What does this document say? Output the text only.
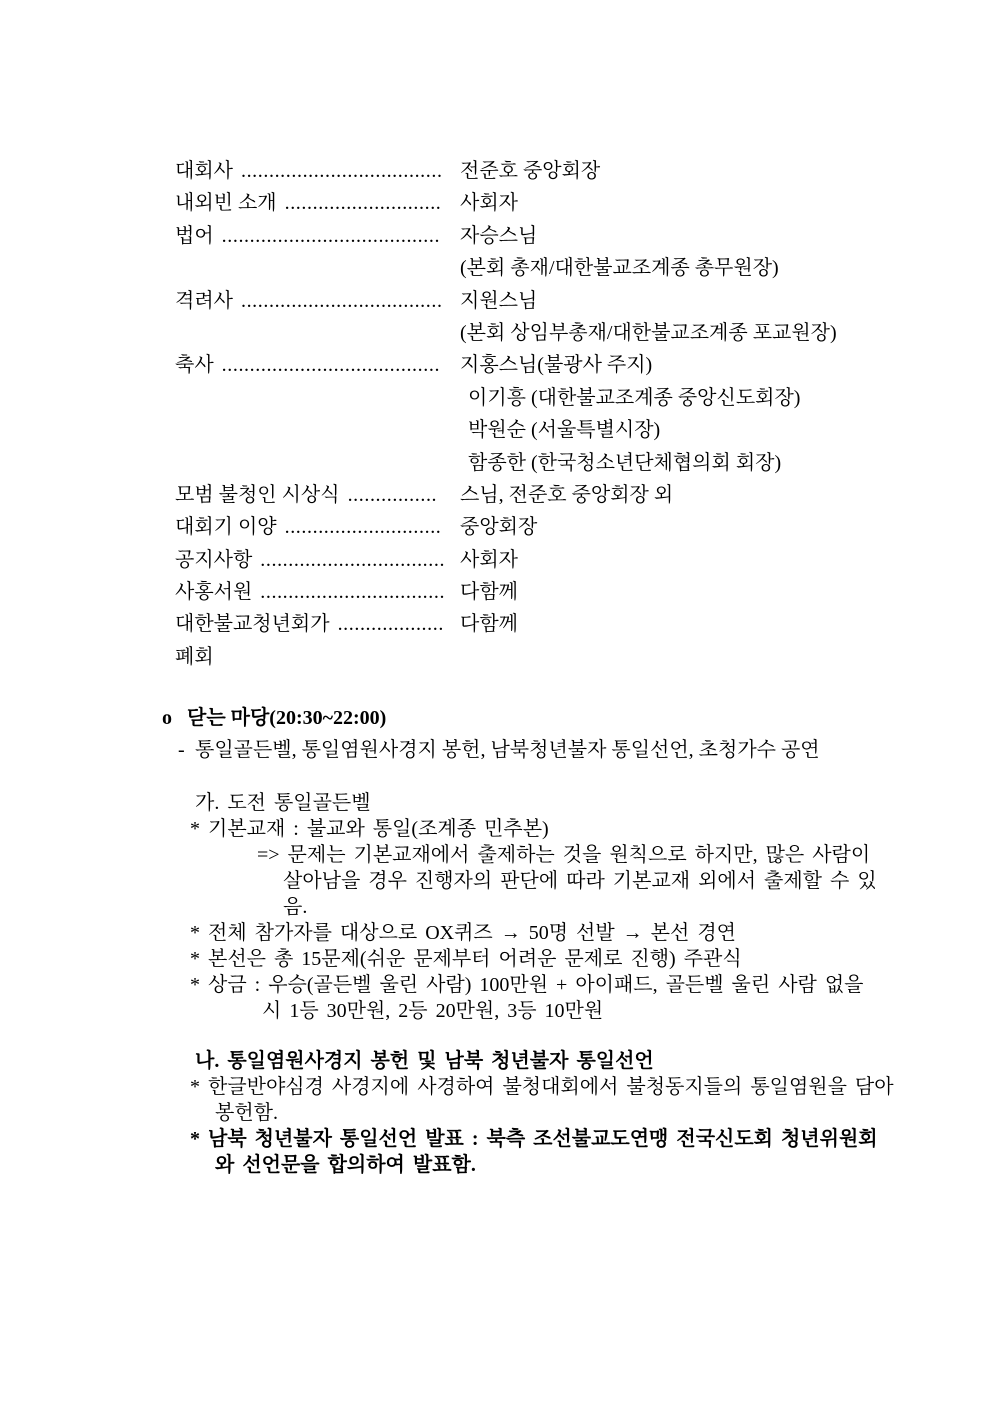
대회사 .................................... 전준호 중앙회장
내외빈 소개 ............................ 사회자
법어 ....................................... 자승스님
(본회 총재/대한불교조계종 총무원장)
격려사 .................................... 지원스님
(본회 상임부총재/대한불교조계종 포교원장)
축사 ....................................... 지홍스님(불광사 주지)
이기흥 (대한불교조계종 중앙신도회장)
박원순 (서울특별시장)
함종한 (한국청소년단체협의회 회장)
모범 불청인 시상식 ................	스님, 전준호 중앙회장 외
대회기 이양 ............................ 중앙회장
공지사항 ................................. 사회자
사홍서원 ................................. 다함께
대한불교청년회가 ................... 다함께
폐회
o 닫는 마당(20:30~22:00)
- 통일골든벨, 통일염원사경지 봉헌, 남북청년불자 통일선언, 초청가수 공연
가. 도전 통일골든벨
* 기본교재 : 불교와 통일(조계종 민추본)
=> 문제는 기본교재에서 출제하는 것을 원칙으로 하지만, 많은 사람이
살아남을 경우 진행자의 판단에 따라 기본교재 외에서 출제할 수 있
음.
* 전체 참가자를 대상으로 OX퀴즈 → 50명 선발 → 본선 경연
* 본선은 총 15문제(쉬운 문제부터 어려운 문제로 진행) 주관식
* 상금 : 우승(골든벨 울린 사람) 100만원 + 아이패드, 골든벨 울린 사람 없을
시 1등 30만원, 2등 20만원, 3등 10만원
나. 통일염원사경지 봉헌 및 남북 청년불자 통일선언
* 한글반야심경 사경지에 사경하여 불청대회에서 불청동지들의 통일염원을 담아
봉헌함.
* 남북 청년불자 통일선언 발표 : 북측 조선불교도연맹 전국신도회 청년위원회
와 선언문을 합의하여 발표함.
